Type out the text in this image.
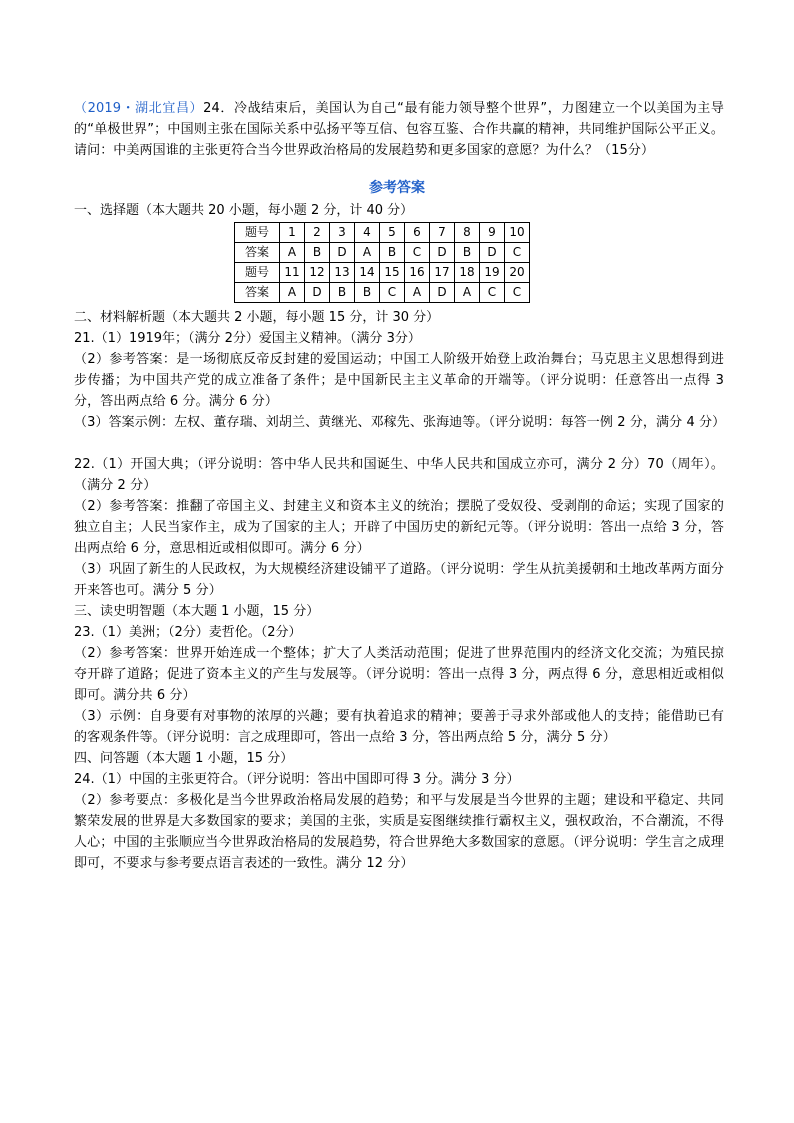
（2019・湖北宜昌）24．冷战结束后，美国认为自己“最有能力领导整个世界”，力图建立一个以美国为主导的“单极世界”；中国则主张在国际关系中弘扬平等互信、包容互鉴、合作共赢的精神，共同维护国际公平正义。请问：中美两国谁的主张更符合当今世界政治格局的发展趋势和更多国家的意愿？为什么？（15分）
参考答案
一、选择题（本大题共 20 小题，每小题 2 分，计 40 分）
题号	1	2	3	4	5	6	7	8	9	10
答案	A	B	D	A	B	C	D	B	D	C
题号	11	12	13	14	15	16	17	18	19	20
答案	A	D	B	B	C	A	D	A	C	C
二、材料解析题（本大题共 2 小题，每小题 15 分，计 30 分）
21.（1）1919年；（满分 2分）爱国主义精神。（满分 3分）
（2）参考答案：是一场彻底反帝反封建的爱国运动；中国工人阶级开始登上政治舞台；马克思主义思想得到进步传播；为中国共产党的成立准备了条件；是中国新民主主义革命的开端等。（评分说明：任意答出一点得 3 分，答出两点给 6 分。满分 6 分）
（3）答案示例：左权、董存瑞、刘胡兰、黄继光、邓稼先、张海迪等。（评分说明：每答一例 2 分，满分 4 分）
22.（1）开国大典；（评分说明：答中华人民共和国诞生、中华人民共和国成立亦可，满分 2 分）70（周年）。（满分 2 分）
（2）参考答案：推翻了帝国主义、封建主义和资本主义的统治；摆脱了受奴役、受剥削的命运；实现了国家的独立自主；人民当家作主，成为了国家的主人；开辟了中国历史的新纪元等。（评分说明：答出一点给 3 分，答出两点给 6 分，意思相近或相似即可。满分 6 分）
（3）巩固了新生的人民政权，为大规模经济建设铺平了道路。（评分说明：学生从抗美援朝和土地改革两方面分开来答也可。满分 5 分）
三、读史明智题（本大题 1 小题，15 分）
23.（1）美洲；（2分）麦哲伦。（2分）
（2）参考答案：世界开始连成一个整体；扩大了人类活动范围；促进了世界范围内的经济文化交流；为殖民掠夺开辟了道路；促进了资本主义的产生与发展等。（评分说明：答出一点得 3 分，两点得 6 分，意思相近或相似即可。满分共 6 分）
（3）示例：自身要有对事物的浓厚的兴趣；要有执着追求的精神；要善于寻求外部或他人的支持；能借助已有的客观条件等。（评分说明：言之成理即可，答出一点给 3 分，答出两点给 5 分，满分 5 分）
四、问答题（本大题 1 小题，15 分）
24.（1）中国的主张更符合。（评分说明：答出中国即可得 3 分。满分 3 分）
（2）参考要点：多极化是当今世界政治格局发展的趋势；和平与发展是当今世界的主题；建设和平稳定、共同繁荣发展的世界是大多数国家的要求；美国的主张，实质是妄图继续推行霸权主义，强权政治，不合潮流，不得人心；中国的主张顺应当今世界政治格局的发展趋势，符合世界绝大多数国家的意愿。（评分说明：学生言之成理即可，不要求与参考要点语言表述的一致性。满分 12 分）
